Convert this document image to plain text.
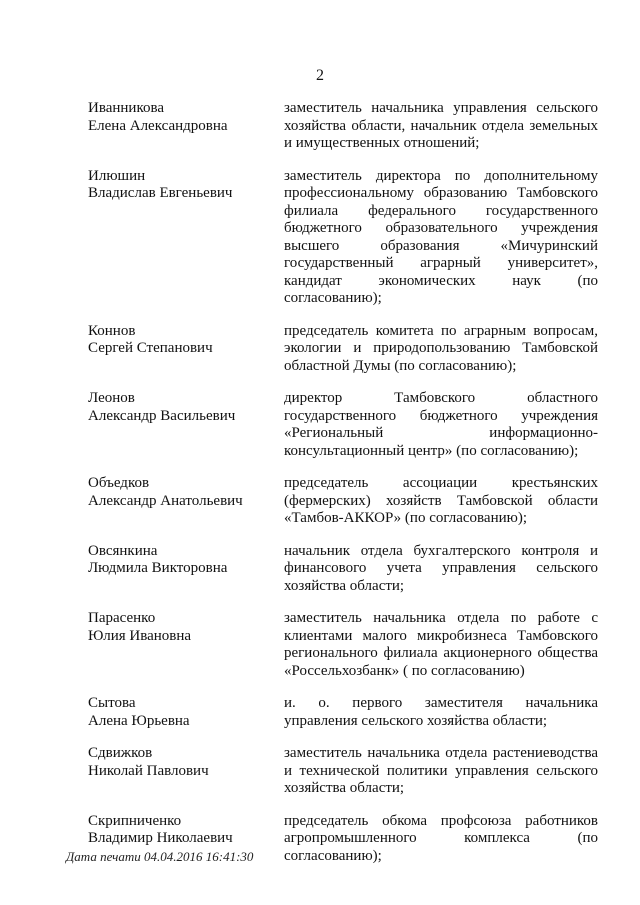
2
Иванникова
Елена Александровна
заместитель начальника управления сельского хозяйства области, начальник отдела земельных и имущественных отношений;
Илюшин
Владислав Евгеньевич
заместитель директора по дополнительному профессиональному образованию Тамбовского филиала федерального государственного бюджетного образовательного учреждения высшего образования «Мичуринский государственный аграрный университет», кандидат экономических наук (по согласованию);
Коннов
Сергей Степанович
председатель комитета по аграрным вопросам, экологии и природопользованию Тамбовской областной Думы (по согласованию);
Леонов
Александр Васильевич
директор Тамбовского областного государственного бюджетного учреждения «Региональный информационно-консультационный центр» (по согласованию);
Объедков
Александр Анатольевич
председатель ассоциации крестьянских (фермерских) хозяйств Тамбовской области «Тамбов-АККОР» (по согласованию);
Овсянкина
Людмила Викторовна
начальник отдела бухгалтерского контроля и финансового учета управления сельского хозяйства области;
Парасенко
Юлия Ивановна
заместитель начальника отдела по работе с клиентами малого микробизнеса Тамбовского регионального филиала акционерного общества «Россельхозбанк» ( по согласованию)
Сытова
Алена Юрьевна
и. о. первого заместителя начальника управления сельского хозяйства области;
Сдвижков
Николай Павлович
заместитель начальника отдела растениеводства и технической политики управления сельского хозяйства области;
Скрипниченко
Владимир Николаевич
председатель обкома профсоюза работников агропромышленного комплекса (по согласованию);
Дата печати 04.04.2016 16:41:30
